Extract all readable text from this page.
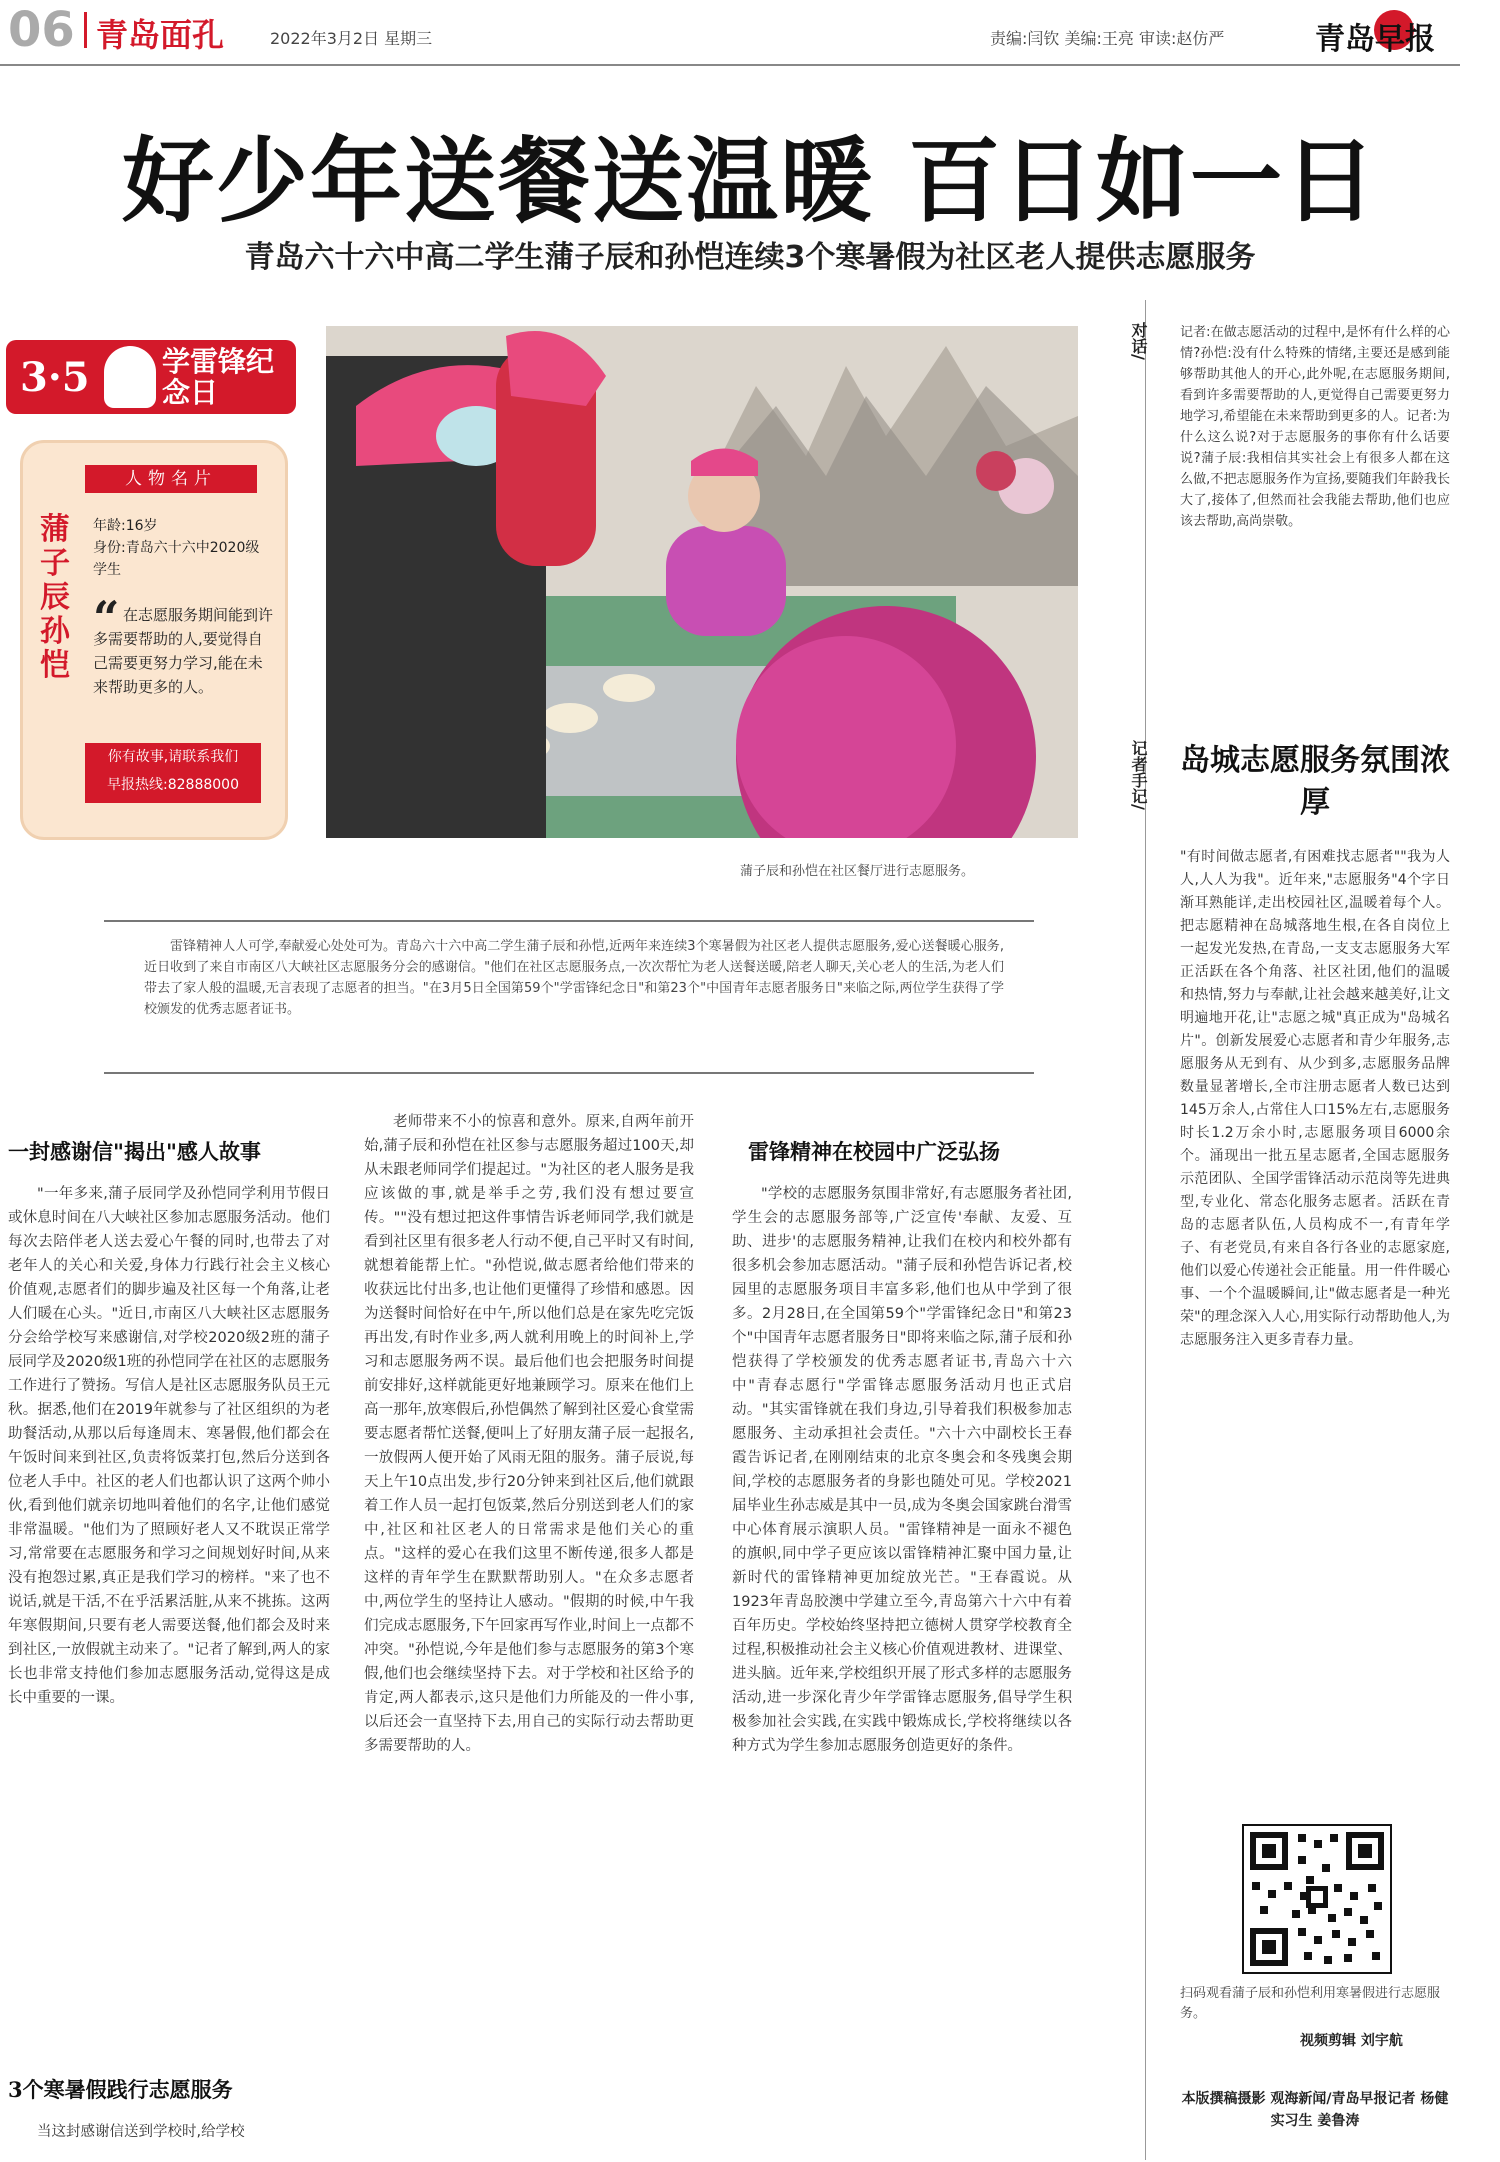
06 青岛面孔	2022年3月2日 星期三	责编:闫钦 美编:王亮 审读:赵仿严	青岛早报
好少年送餐送温暖 百日如一日
青岛六十六中高二学生蒲子辰和孙恺连续3个寒暑假为社区老人提供志愿服务
3·5	学雷锋纪念日
人物名片
蒲子辰 孙恺
年龄:16岁
身份:青岛六十六中2020级学生
“ 在志愿服务期间能到许多需要帮助的人,要觉得自己需要更努力学习,能在未来帮助更多的人。
你有故事,请联系我们
早报热线:82888000
蒲子辰和孙恺在社区餐厅进行志愿服务。
对话/
记者手记/
记者:在做志愿活动的过程中,是怀有什么样的心情?孙恺:没有什么特殊的情绪,主要还是感到能够帮助其他人的开心,此外呢,在志愿服务期间,看到许多需要帮助的人,更觉得自己需要更努力地学习,希望能在未来帮助到更多的人。记者:为什么这么说?对于志愿服务的事你有什么话要说?蒲子辰:我相信其实社会上有很多人都在这么做,不把志愿服务作为宣扬,要随我们年龄我长大了,接体了,但然而社会我能去帮助,他们也应该去帮助,高尚崇敬。
岛城志愿服务氛围浓厚
"有时间做志愿者,有困难找志愿者""我为人人,人人为我"。近年来,"志愿服务"4个字日渐耳熟能详,走出校园社区,温暖着每个人。把志愿精神在岛城落地生根,在各自岗位上一起发光发热,在青岛,一支支志愿服务大军正活跃在各个角落、社区社团,他们的温暖和热情,努力与奉献,让社会越来越美好,让文明遍地开花,让"志愿之城"真正成为"岛城名片"。创新发展爱心志愿者和青少年服务,志愿服务从无到有、从少到多,志愿服务品牌数量显著增长,全市注册志愿者人数已达到145万余人,占常住人口15%左右,志愿服务时长1.2万余小时,志愿服务项目6000余个。涌现出一批五星志愿者,全国志愿服务示范团队、全国学雷锋活动示范岗等先进典型,专业化、常态化服务志愿者。活跃在青岛的志愿者队伍,人员构成不一,有青年学子、有老党员,有来自各行各业的志愿家庭,他们以爱心传递社会正能量。用一件件暖心事、一个个温暖瞬间,让"做志愿者是一种光荣"的理念深入人心,用实际行动帮助他人,为志愿服务注入更多青春力量。
扫码观看蒲子辰和孙恺利用寒暑假进行志愿服务。
视频剪辑 刘宇航
本版撰稿摄影 观海新闻/青岛早报记者 杨健 实习生 姜鲁涛
雷锋精神人人可学,奉献爱心处处可为。青岛六十六中高二学生蒲子辰和孙恺,近两年来连续3个寒暑假为社区老人提供志愿服务,爱心送餐暖心服务,近日收到了来自市南区八大峡社区志愿服务分会的感谢信。"他们在社区志愿服务点,一次次帮忙为老人送餐送暖,陪老人聊天,关心老人的生活,为老人们带去了家人般的温暖,无言表现了志愿者的担当。"在3月5日全国第59个"学雷锋纪念日"和第23个"中国青年志愿者服务日"来临之际,两位学生获得了学校颁发的优秀志愿者证书。
一封感谢信"揭出"感人故事

"一年多来,蒲子辰同学及孙恺同学利用节假日或休息时间在八大峡社区参加志愿服务活动。他们每次去陪伴老人送去爱心午餐的同时,也带去了对老年人的关心和关爱,身体力行践行社会主义核心价值观,志愿者们的脚步遍及社区每一个角落,让老人们暖在心头。"近日,市南区八大峡社区志愿服务分会给学校写来感谢信,对学校2020级2班的蒲子辰同学及2020级1班的孙恺同学在社区的志愿服务工作进行了赞扬。写信人是社区志愿服务队员王元秋。据悉,他们在2019年就参与了社区组织的为老助餐活动,从那以后每逢周末、寒暑假,他们都会在午饭时间来到社区,负责将饭菜打包,然后分送到各位老人手中。社区的老人们也都认识了这两个帅小伙,看到他们就亲切地叫着他们的名字,让他们感觉非常温暖。"他们为了照顾好老人又不耽误正常学习,常常要在志愿服务和学习之间规划好时间,从来没有抱怨过累,真正是我们学习的榜样。"来了也不说话,就是干活,不在乎活累活脏,从来不挑拣。这两年寒假期间,只要有老人需要送餐,他们都会及时来到社区,一放假就主动来了。"记者了解到,两人的家长也非常支持他们参加志愿服务活动,觉得这是成长中重要的一课。

3个寒暑假践行志愿服务

当这封感谢信送到学校时,给学校

老师带来不小的惊喜和意外。原来,自两年前开始,蒲子辰和孙恺在社区参与志愿服务超过100天,却从未跟老师同学们提起过。"为社区的老人服务是我应该做的事,就是举手之劳,我们没有想过要宣传。""没有想过把这件事情告诉老师同学,我们就是看到社区里有很多老人行动不便,自己平时又有时间,就想着能帮上忙。"孙恺说,做志愿者给他们带来的收获远比付出多,也让他们更懂得了珍惜和感恩。因为送餐时间恰好在中午,所以他们总是在家先吃完饭再出发,有时作业多,两人就利用晚上的时间补上,学习和志愿服务两不误。最后他们也会把服务时间提前安排好,这样就能更好地兼顾学习。原来在他们上高一那年,放寒假后,孙恺偶然了解到社区爱心食堂需要志愿者帮忙送餐,便叫上了好朋友蒲子辰一起报名,一放假两人便开始了风雨无阻的服务。蒲子辰说,每天上午10点出发,步行20分钟来到社区后,他们就跟着工作人员一起打包饭菜,然后分别送到老人们的家中,社区和社区老人的日常需求是他们关心的重点。"这样的爱心在我们这里不断传递,很多人都是这样的青年学生在默默帮助别人。"在众多志愿者中,两位学生的坚持让人感动。"假期的时候,中午我们完成志愿服务,下午回家再写作业,时间上一点都不冲突。"孙恺说,今年是他们参与志愿服务的第3个寒假,他们也会继续坚持下去。对于学校和社区给予的肯定,两人都表示,这只是他们力所能及的一件小事,以后还会一直坚持下去,用自己的实际行动去帮助更多需要帮助的人。

雷锋精神在校园中广泛弘扬

"学校的志愿服务氛围非常好,有志愿服务者社团,学生会的志愿服务部等,广泛宣传'奉献、友爱、互助、进步'的志愿服务精神,让我们在校内和校外都有很多机会参加志愿活动。"蒲子辰和孙恺告诉记者,校园里的志愿服务项目丰富多彩,他们也从中学到了很多。2月28日,在全国第59个"学雷锋纪念日"和第23个"中国青年志愿者服务日"即将来临之际,蒲子辰和孙恺获得了学校颁发的优秀志愿者证书,青岛六十六中"青春志愿行"学雷锋志愿服务活动月也正式启动。"其实雷锋就在我们身边,引导着我们积极参加志愿服务、主动承担社会责任。"六十六中副校长王春霞告诉记者,在刚刚结束的北京冬奥会和冬残奥会期间,学校的志愿服务者的身影也随处可见。学校2021届毕业生孙志威是其中一员,成为冬奥会国家跳台滑雪中心体育展示演职人员。"雷锋精神是一面永不褪色的旗帜,同中学子更应该以雷锋精神汇聚中国力量,让新时代的雷锋精神更加绽放光芒。"王春霞说。从1923年青岛胶澳中学建立至今,青岛第六十六中有着百年历史。学校始终坚持把立德树人贯穿学校教育全过程,积极推动社会主义核心价值观进教材、进课堂、进头脑。近年来,学校组织开展了形式多样的志愿服务活动,进一步深化青少年学雷锋志愿服务,倡导学生积极参加社会实践,在实践中锻炼成长,学校将继续以各种方式为学生参加志愿服务创造更好的条件。
